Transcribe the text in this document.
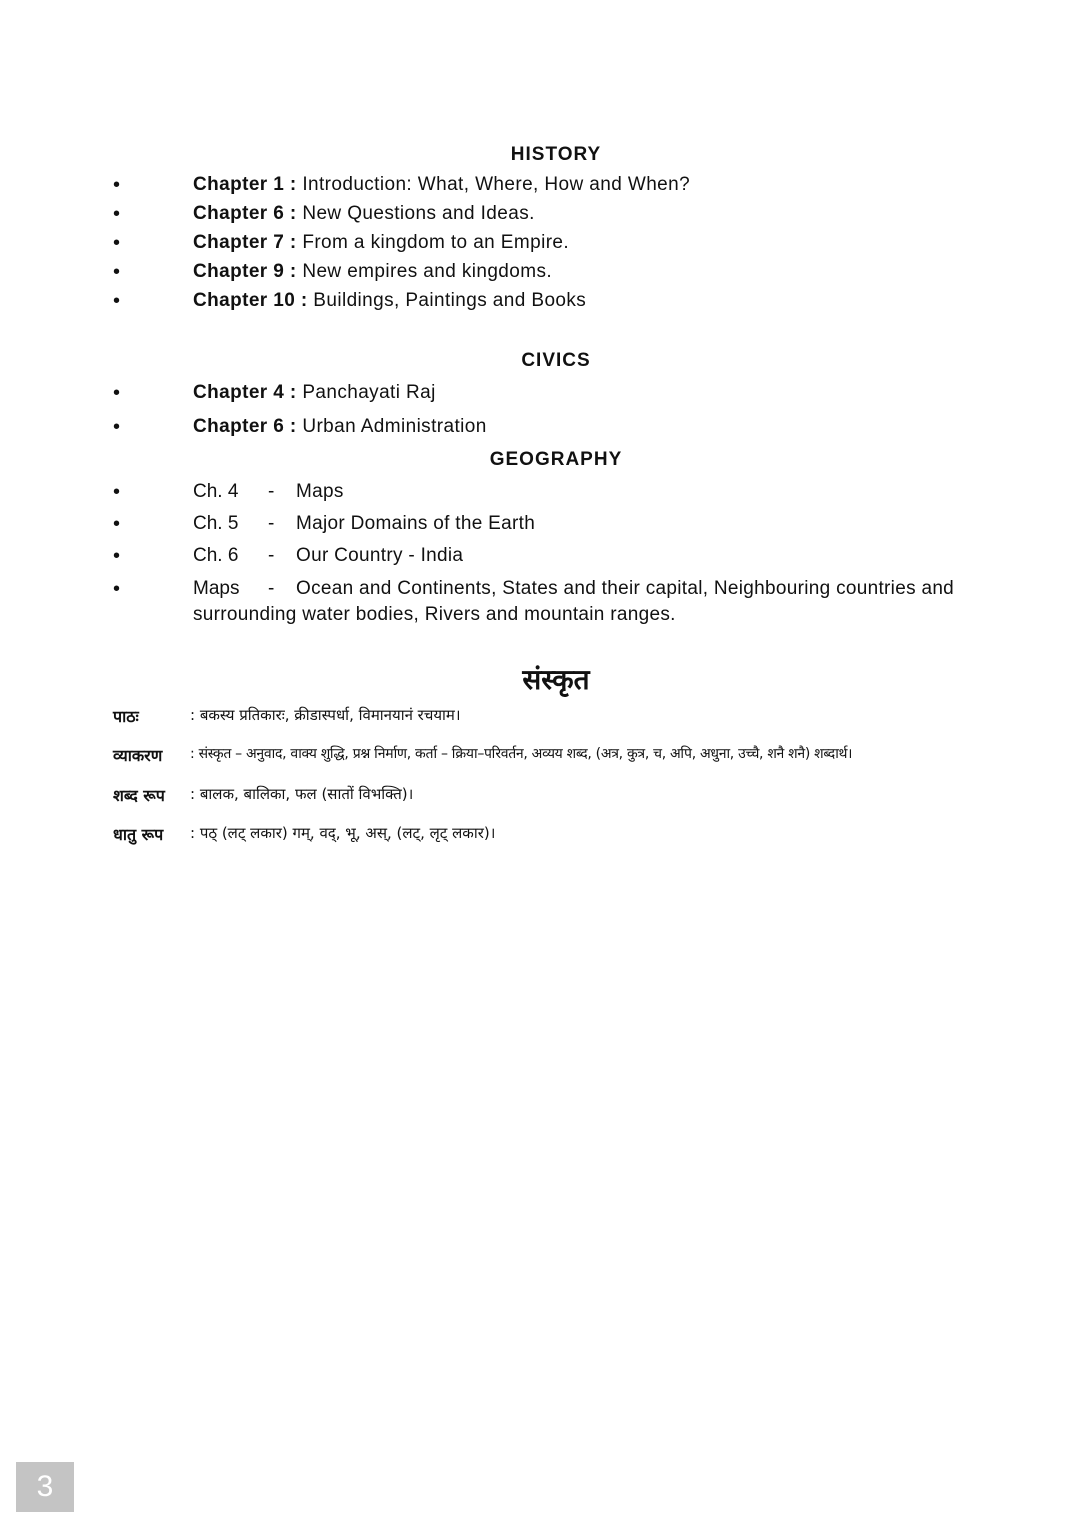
HISTORY
•	Chapter 1 : Introduction: What, Where, How and When?
•	Chapter 6 : New Questions and Ideas.
•	Chapter 7 : From a kingdom to an Empire.
•	Chapter 9 : New empires and kingdoms.
•	Chapter 10 : Buildings, Paintings and Books
CIVICS
•	Chapter 4 : Panchayati Raj
•	Chapter 6 : Urban Administration
GEOGRAPHY
•	Ch. 4 - Maps
•	Ch. 5 - Major Domains of the Earth
•	Ch. 6 - Our Country - India
•	Maps - Ocean and Continents, States and their capital, Neighbouring countries and
surrounding water bodies, Rivers and mountain ranges.
संस्कृत
पाठः	: बकस्य प्रतिकारः, क्रीडास्पर्धा, विमानयानं रचयाम।
व्याकरण : संस्कृत – अनुवाद, वाक्य शुद्धि, प्रश्न निर्माण, कर्ता – क्रिया–परिवर्तन, अव्यय शब्द, (अत्र, कुत्र, च, अपि, अधुना, उच्चै, शनै शनै) शब्दार्थ।
शब्द रूप : बालक, बालिका, फल (सातों विभक्ति)।
धातु रूप : पठ् (लट् लकार) गम्, वद्, भू, अस्, (लट्, लृट् लकार)।
3
